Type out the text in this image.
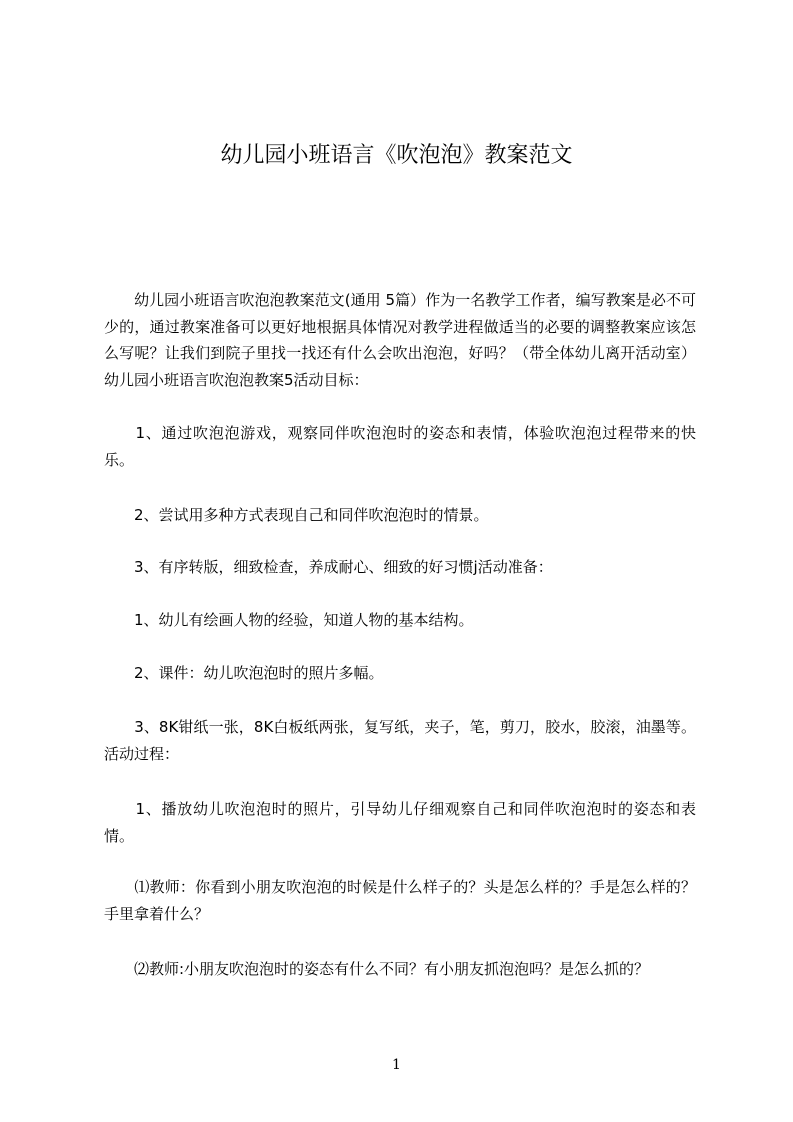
幼儿园小班语言《吹泡泡》教案范文

　　幼儿园小班语言吹泡泡教案范文(通用 5篇）作为一名教学工作者，编写教案是必不可少的，通过教案准备可以更好地根据具体情况对教学进程做适当的必要的调整教案应该怎么写呢？让我们到院子里找一找还有什么会吹出泡泡，好吗？（带全体幼儿离开活动室）幼儿园小班语言吹泡泡教案5活动目标：

　　1、通过吹泡泡游戏，观察同伴吹泡泡时的姿态和表情，体验吹泡泡过程带来的快乐。

　　2、尝试用多种方式表现自己和同伴吹泡泡时的情景。

　　3、有序转版，细致检查，养成耐心、细致的好习惯j活动准备：

　　1、幼儿有绘画人物的经验，知道人物的基本结构。

　　2、课件：幼儿吹泡泡时的照片多幅。

　　3、8K钳纸一张，8K白板纸两张，复写纸，夹子，笔，剪刀，胶水，胶滚，油墨等。活动过程：

　　1、播放幼儿吹泡泡时的照片，引导幼儿仔细观察自己和同伴吹泡泡时的姿态和表情。

　　⑴教师：你看到小朋友吹泡泡的时候是什么样子的？头是怎么样的？手是怎么样的？手里拿着什么？

　　⑵教师:小朋友吹泡泡时的姿态有什么不同？有小朋友抓泡泡吗？是怎么抓的？

1
